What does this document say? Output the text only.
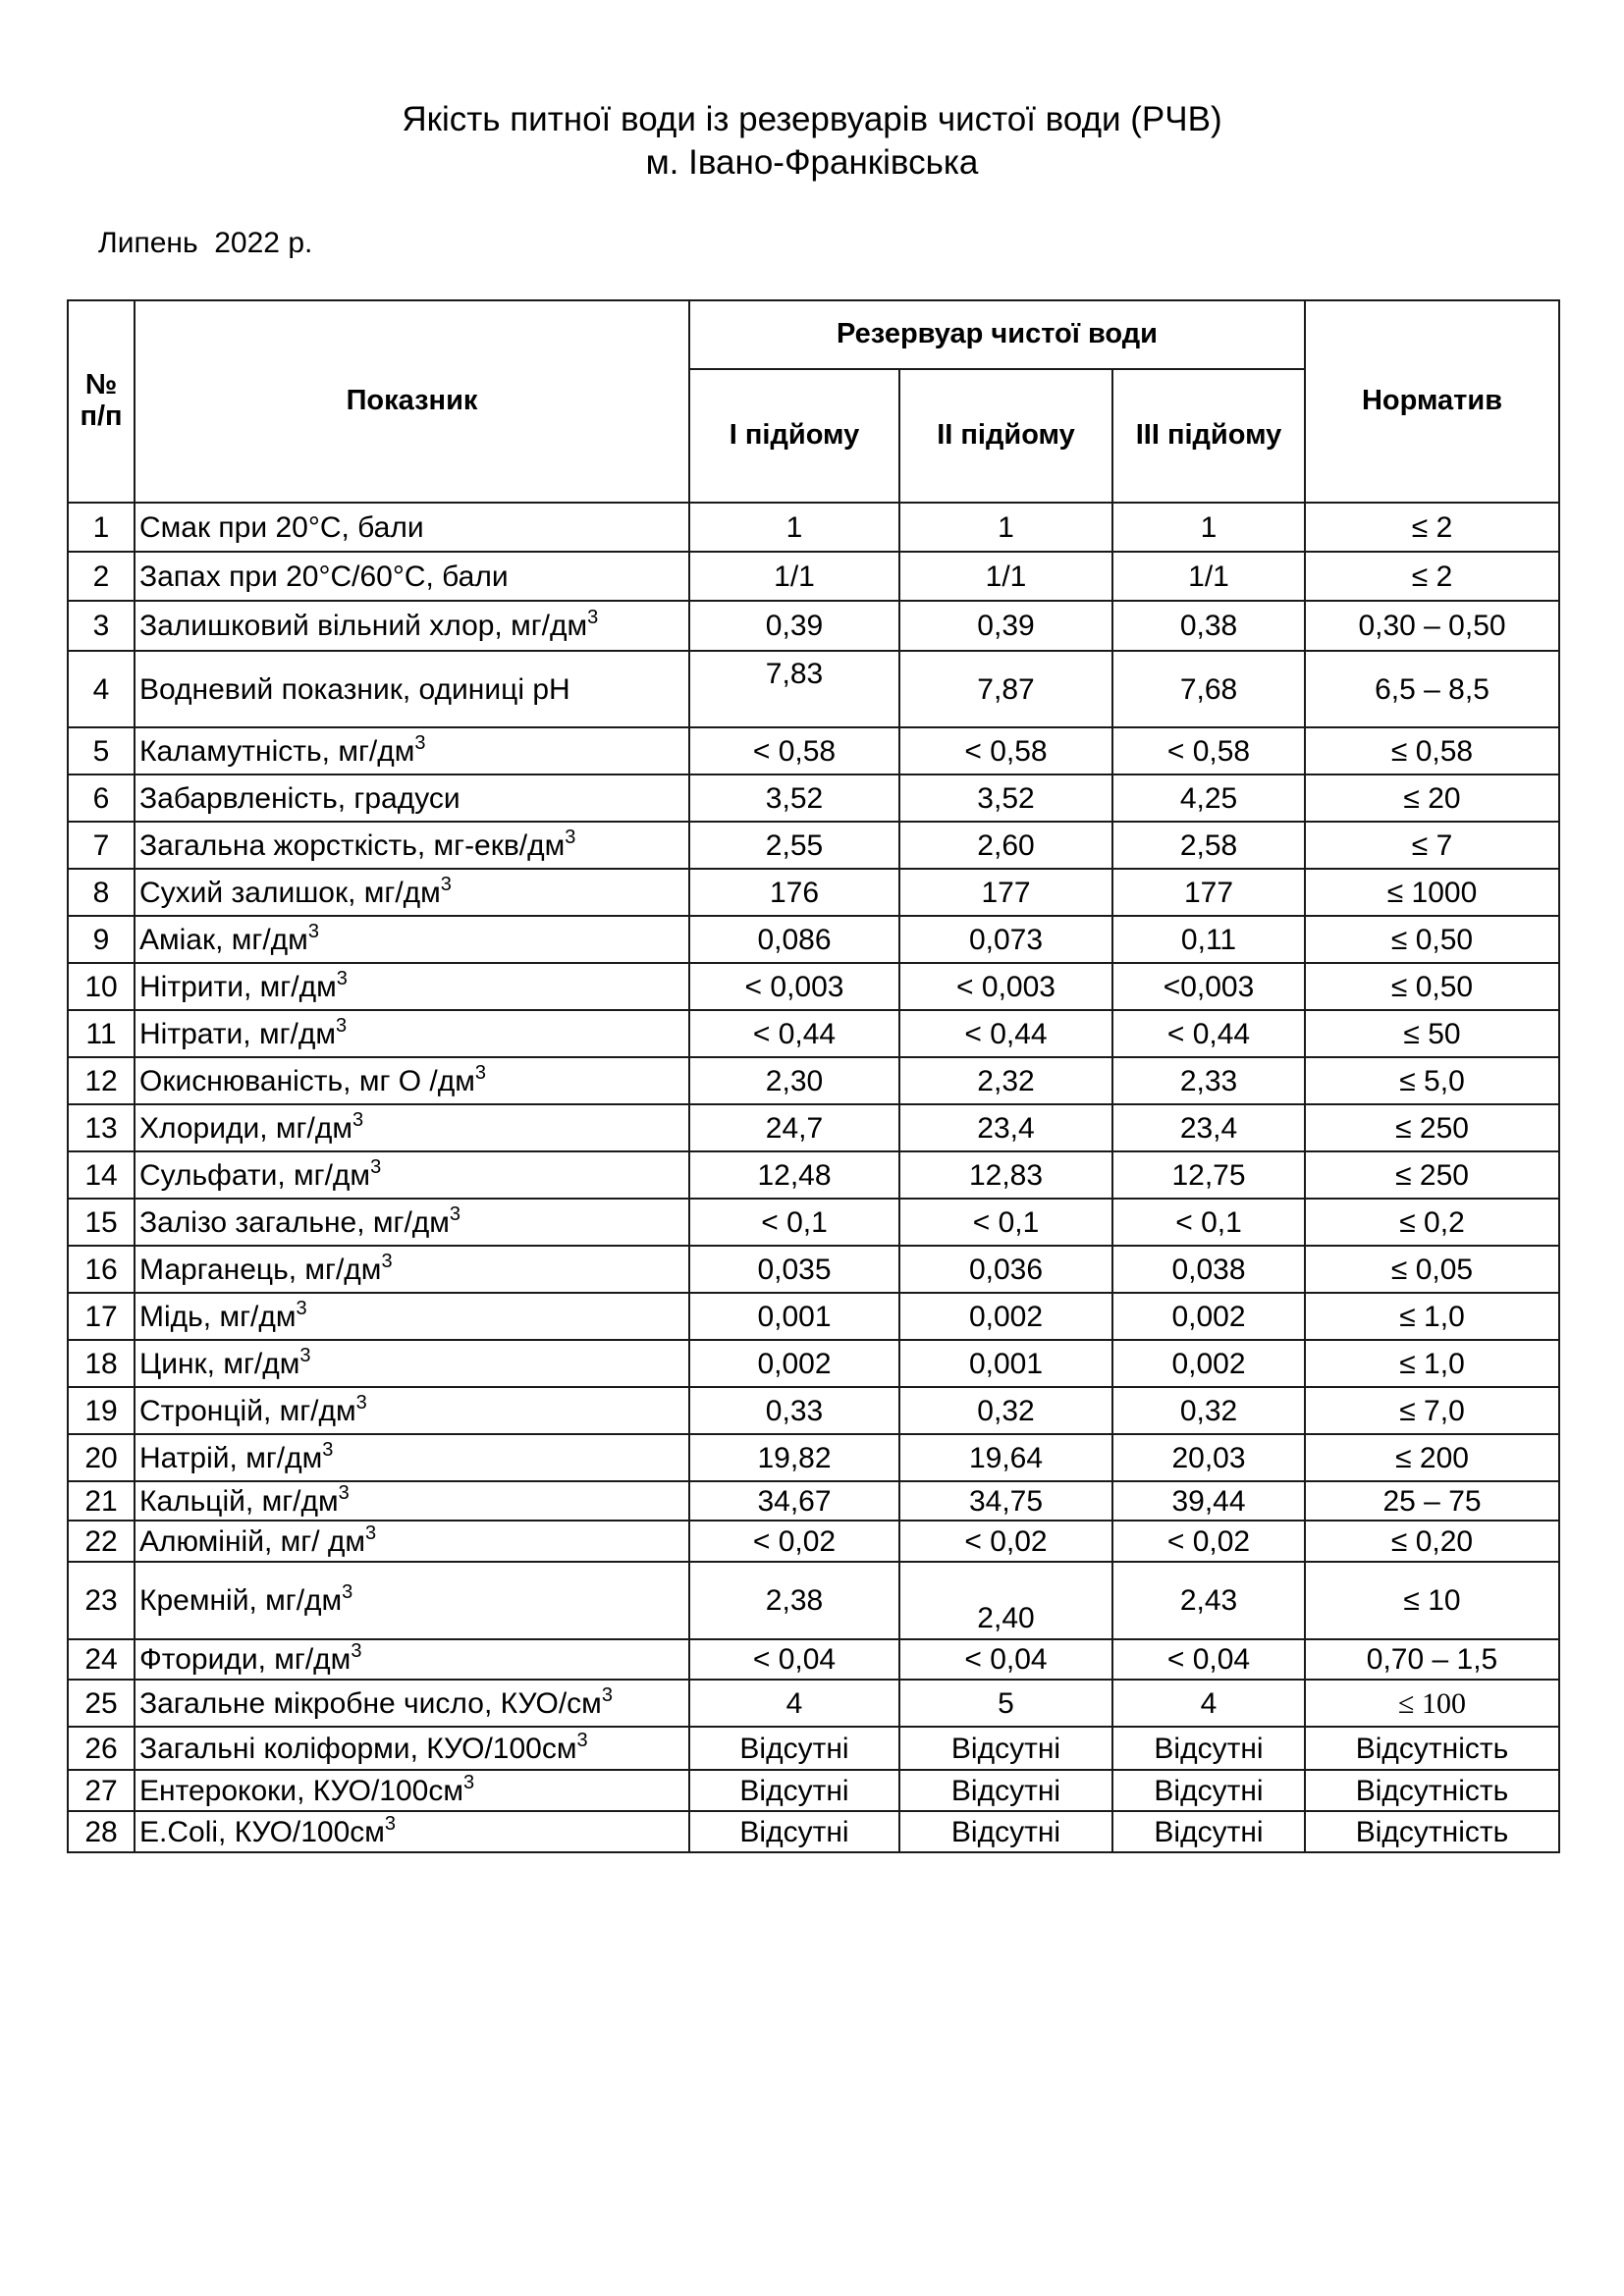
Якість питної води із резервуарів чистої води (РЧВ)
м. Івано-Франківська
Липень  2022 р.
№
п/п	Показник	Резервуар чистої води			Норматив
		І підйому	ІІ підйому	ІІІ підйому	
1	Смак при 20°С, бали	1	1	1	≤ 2
2	Запах при 20°С/60°С, бали	1/1	1/1	1/1	≤ 2
3	Залишковий вільний хлор, $мг/дм^3$	0,39	0,39	0,38	0,30 – 0,50
4	Водневий показник, одиниці рН	7,83	7,87	7,68	6,5 – 8,5
5	Каламутність, $мг/дм^3$	< 0,58	< 0,58	< 0,58	≤ 0,58
6	Забарвленість, градуси	3,52	3,52	4,25	≤ 20
7	Загальна жорсткість, $мг-екв/дм^3$	2,55	2,60	2,58	≤ 7
8	Сухий залишок, $мг/дм^3$	176	177	177	≤ 1000
9	Аміак, $мг/дм^3$	0,086	0,073	0,11	≤ 0,50
10	Нітрити, $мг/дм^3$	< 0,003	< 0,003	<0,003	≤ 0,50
11	Нітрати, $мг/дм^3$	< 0,44	< 0,44	< 0,44	≤ 50
12	Окиснюваність, мг О $/дм^3$	2,30	2,32	2,33	≤ 5,0
13	Хлориди, $мг/дм^3$	24,7	23,4	23,4	≤ 250
14	Сульфати, $мг/дм^3$	12,48	12,83	12,75	≤ 250
15	Залізо загальне, $мг/дм^3$	< 0,1	< 0,1	< 0,1	≤ 0,2
16	Марганець, $мг/дм^3$	0,035	0,036	0,038	≤ 0,05
17	Мідь, $мг/дм^3$	0,001	0,002	0,002	≤ 1,0
18	Цинк, $мг/дм^3$	0,002	0,001	0,002	≤ 1,0
19	Стронцій, $мг/дм^3$	0,33	0,32	0,32	≤ 7,0
20	Натрій, $мг/дм^3$	19,82	19,64	20,03	≤ 200
21	Кальцій, $мг/дм^3$	34,67	34,75	39,44	25 – 75
22	Алюміній, мг/ $дм^3$	< 0,02	< 0,02	< 0,02	≤ 0,20
23	Кремній, $мг/дм^3$	2,38	2,40	2,43	≤ 10
24	Фториди, $мг/дм^3$	< 0,04	< 0,04	< 0,04	0,70 – 1,5
25	Загальне мікробне число, КУО/$см^3$	4	5	4	≤ 100
26	Загальні коліформи, КУО/$100см^3$	Відсутні	Відсутні	Відсутні	Відсутність
27	Ентерококи, КУО/$100см^3$	Відсутні	Відсутні	Відсутні	Відсутність
28	E.Coli, КУО/$100см^3$	Відсутні	Відсутні	Відсутні	Відсутність
